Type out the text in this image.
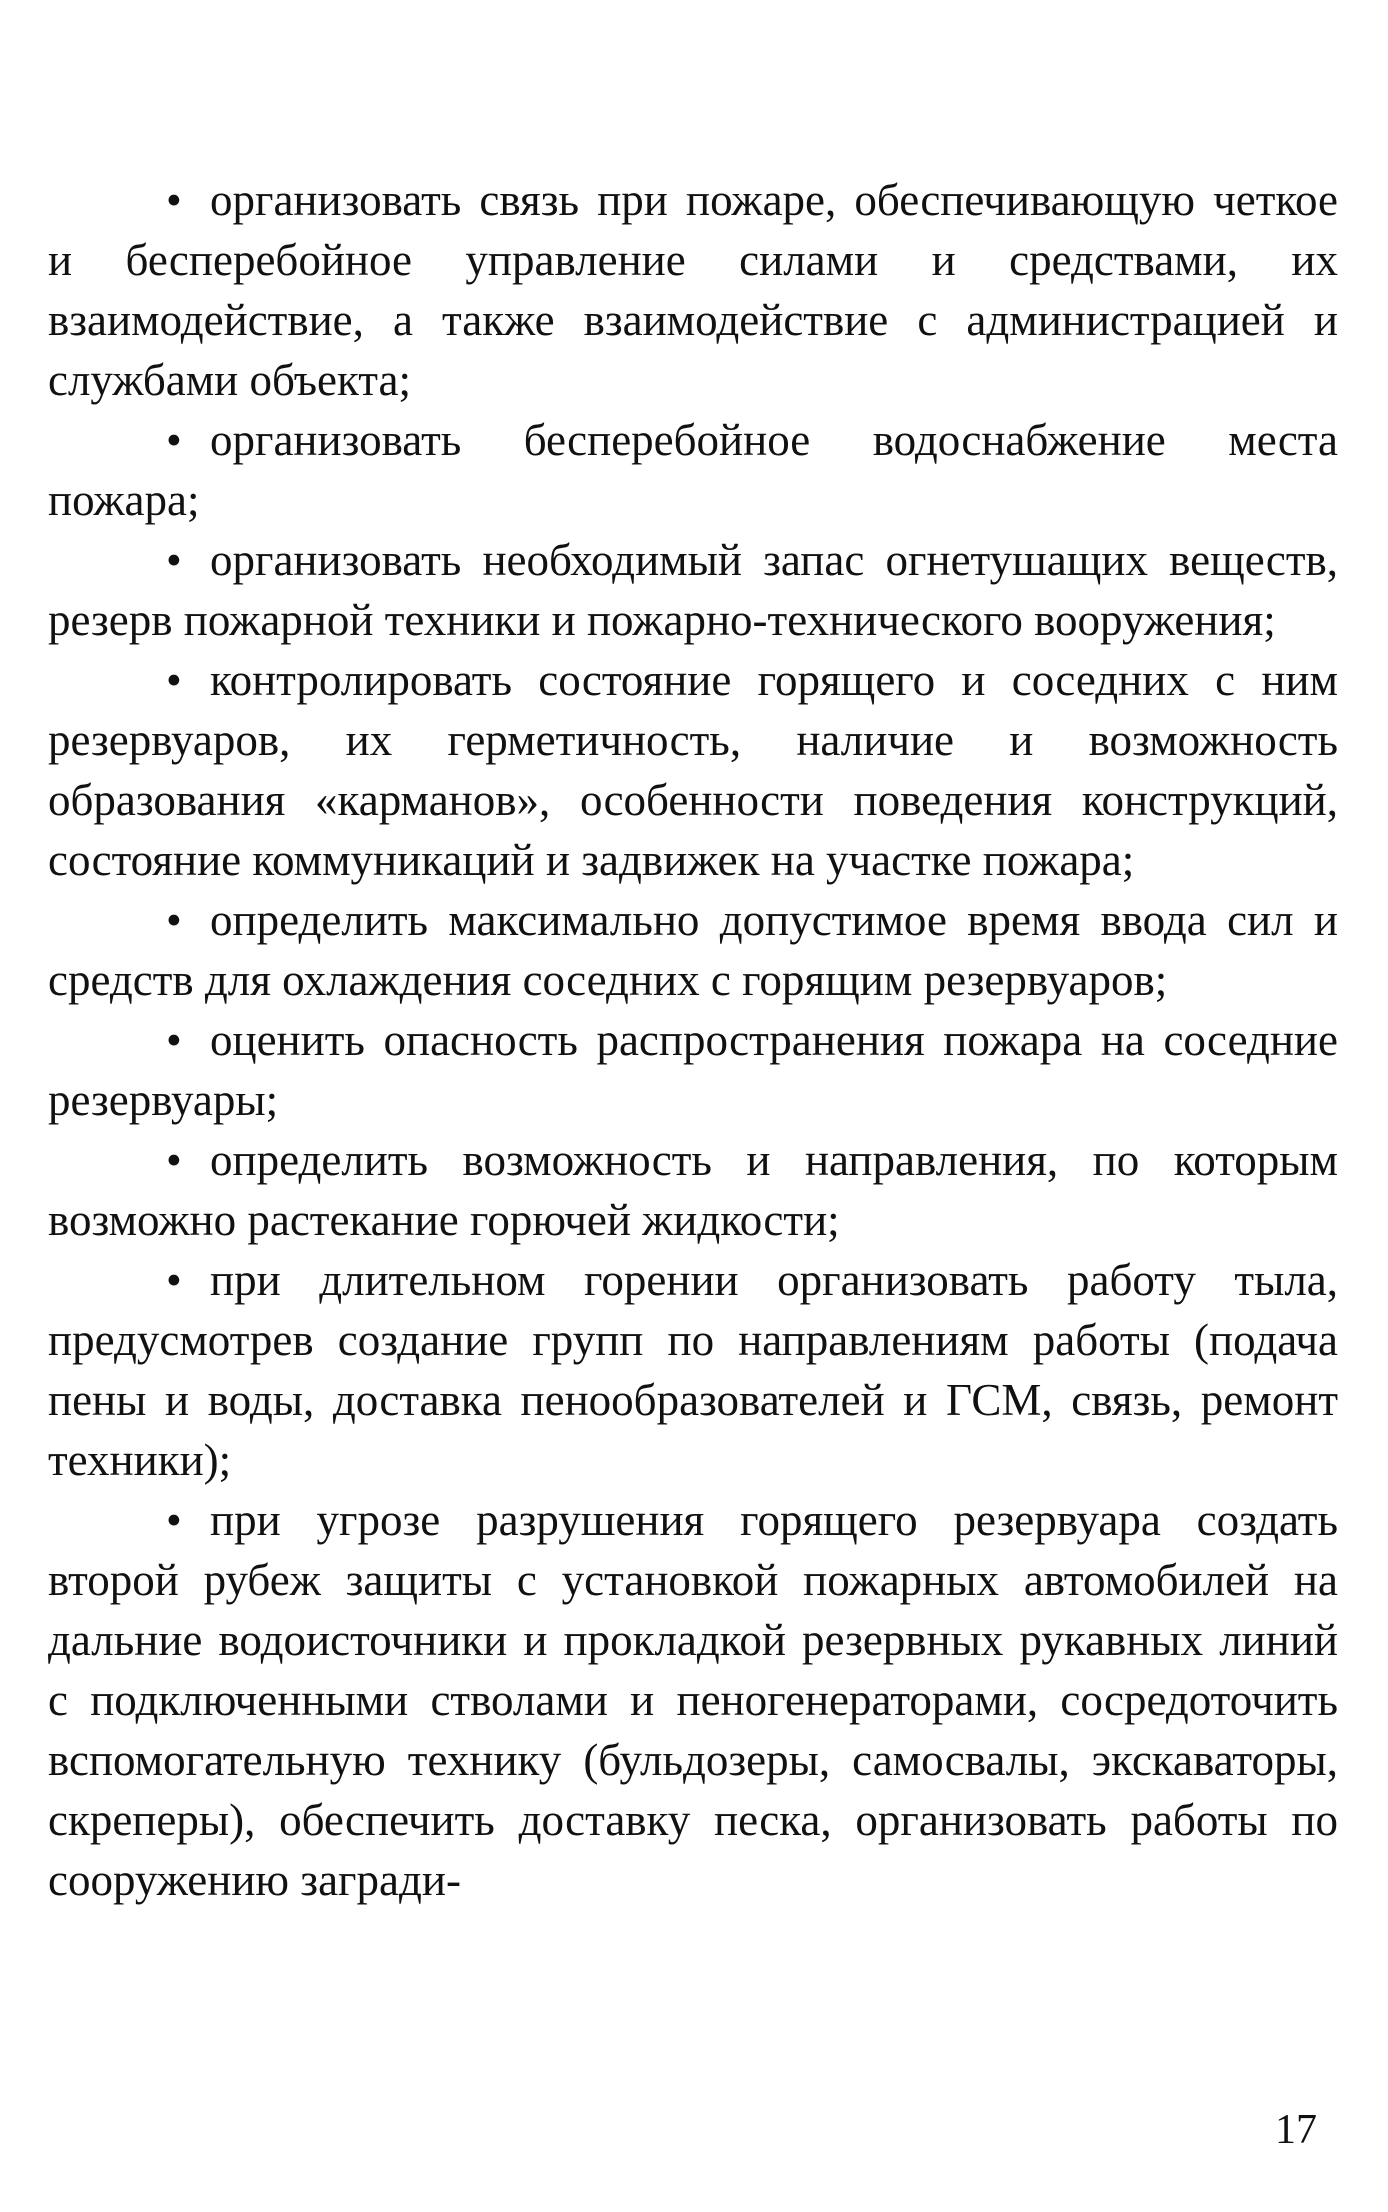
• организовать связь при пожаре, обеспечивающую четкое и бесперебойное управление силами и средствами, их взаимодействие, а также взаимодействие с администрацией и службами объекта;

• организовать бесперебойное водоснабжение места пожара;

• организовать необходимый запас огнетушащих веществ, резерв пожарной техники и пожарно-технического вооружения;

• контролировать состояние горящего и соседних с ним резервуаров, их герметичность, наличие и возможность образования «карманов», особенности поведения конструкций, состояние коммуникаций и задвижек на участке пожара;

• определить максимально допустимое время ввода сил и средств для охлаждения соседних с горящим резервуаров;

• оценить опасность распространения пожара на соседние резервуары;

• определить возможность и направления, по которым возможно растекание горючей жидкости;

• при длительном горении организовать работу тыла, предусмотрев создание групп по направлениям работы (подача пены и воды, доставка пенообразователей и ГСМ, связь, ремонт техники);

• при угрозе разрушения горящего резервуара создать второй рубеж защиты с установкой пожарных автомобилей на дальние водоисточники и прокладкой резервных рукавных линий с подключенными стволами и пеногенераторами, сосредоточить вспомогательную технику (бульдозеры, самосвалы, экскаваторы, скреперы), обеспечить доставку песка, организовать работы по сооружению загради-

17
